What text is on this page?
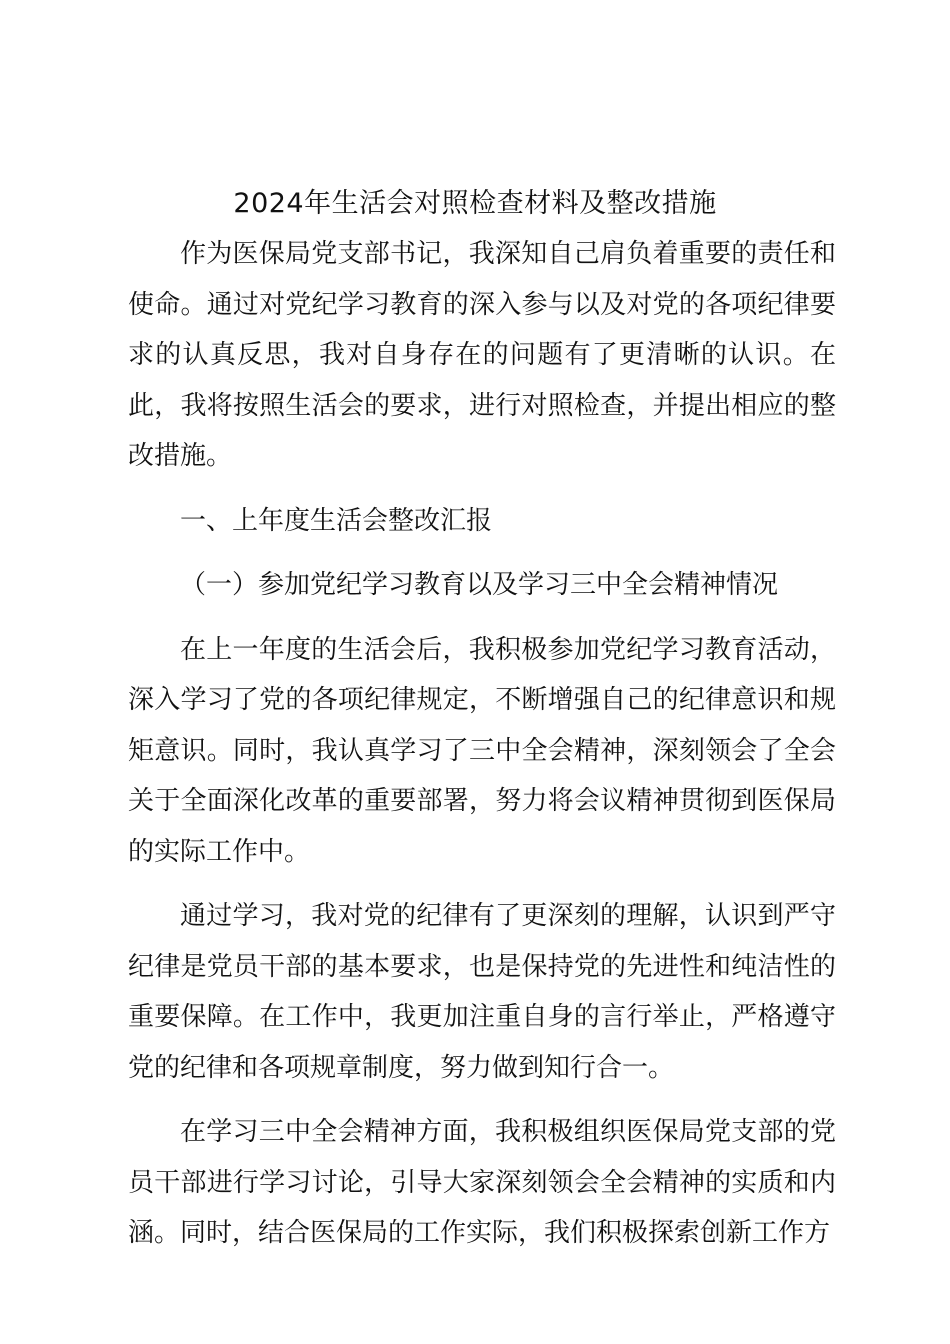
2024年生活会对照检查材料及整改措施

作为医保局党支部书记，我深知自己肩负着重要的责任和使命。通过对党纪学习教育的深入参与以及对党的各项纪律要求的认真反思，我对自身存在的问题有了更清晰的认识。在此，我将按照生活会的要求，进行对照检查，并提出相应的整改措施。

一、上年度生活会整改汇报

（一）参加党纪学习教育以及学习三中全会精神情况

在上一年度的生活会后，我积极参加党纪学习教育活动，深入学习了党的各项纪律规定，不断增强自己的纪律意识和规矩意识。同时，我认真学习了三中全会精神，深刻领会了全会关于全面深化改革的重要部署，努力将会议精神贯彻到医保局的实际工作中。

通过学习，我对党的纪律有了更深刻的理解，认识到严守纪律是党员干部的基本要求，也是保持党的先进性和纯洁性的重要保障。在工作中，我更加注重自身的言行举止，严格遵守党的纪律和各项规章制度，努力做到知行合一。

在学习三中全会精神方面，我积极组织医保局党支部的党员干部进行学习讨论，引导大家深刻领会全会精神的实质和内涵。同时，结合医保局的工作实际，我们积极探索创新工作方
